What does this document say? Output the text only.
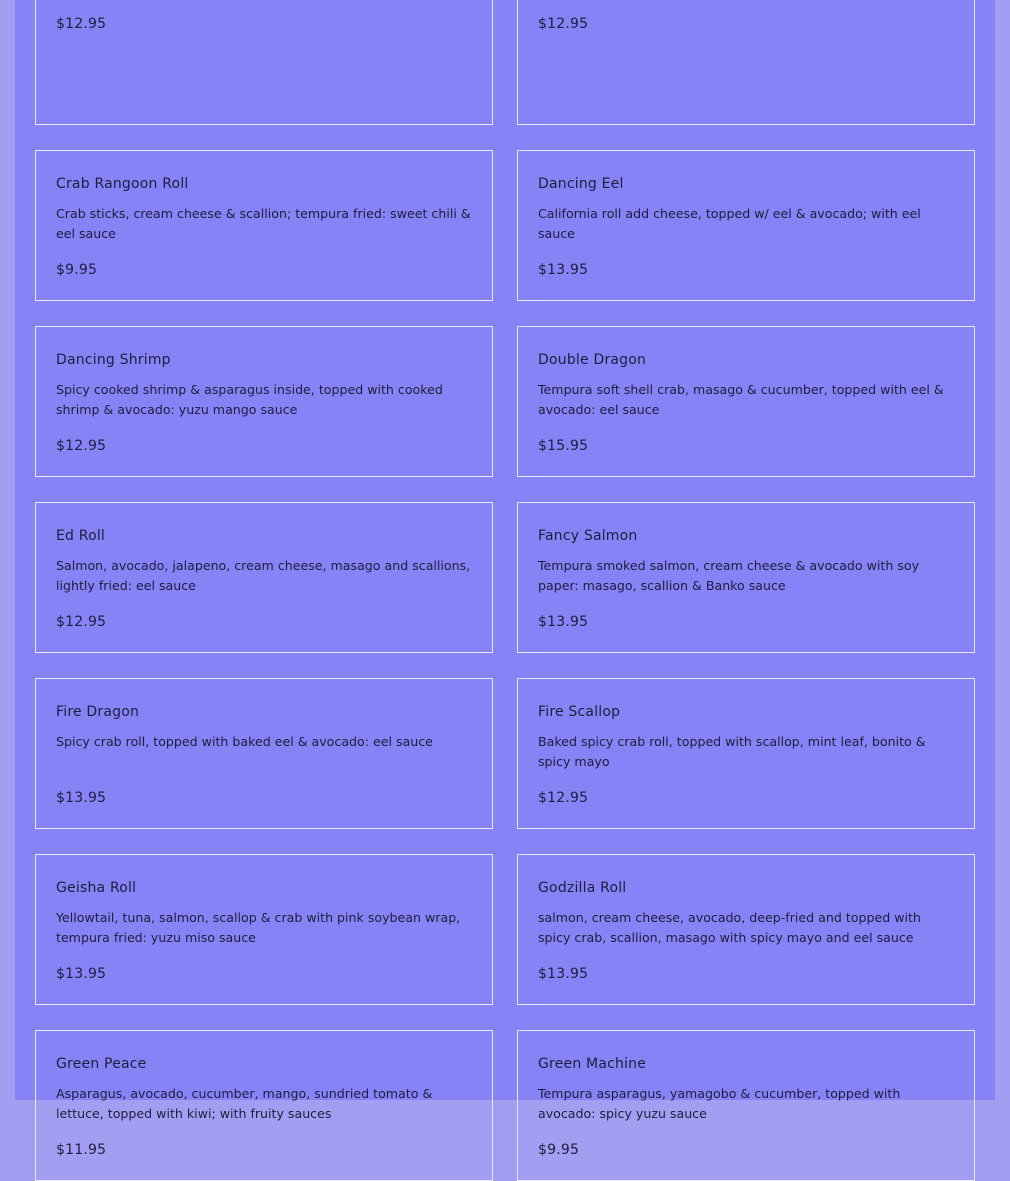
$12.95	$12.95
Crab Rangoon Roll
Crab sticks, cream cheese & scallion; tempura fried: sweet chili & eel sauce
$9.95
Dancing Eel
California roll add cheese, topped w/ eel & avocado; with eel sauce
$13.95
Dancing Shrimp
Spicy cooked shrimp & asparagus inside, topped with cooked shrimp & avocado: yuzu mango sauce
$12.95
Double Dragon
Tempura soft shell crab, masago & cucumber, topped with eel & avocado: eel sauce
$15.95
Ed Roll
Salmon, avocado, jalapeno, cream cheese, masago and scallions, lightly fried: eel sauce
$12.95
Fancy Salmon
Tempura smoked salmon, cream cheese & avocado with soy paper: masago, scallion & Banko sauce
$13.95
Fire Dragon
Spicy crab roll, topped with baked eel & avocado: eel sauce
$13.95
Fire Scallop
Baked spicy crab roll, topped with scallop, mint leaf, bonito & spicy mayo
$12.95
Geisha Roll
Yellowtail, tuna, salmon, scallop & crab with pink soybean wrap, tempura fried: yuzu miso sauce
$13.95
Godzilla Roll
salmon, cream cheese, avocado, deep-fried and topped with spicy crab, scallion, masago with spicy mayo and eel sauce
$13.95
Green Peace
Asparagus, avocado, cucumber, mango, sundried tomato & lettuce, topped with kiwi; with fruity sauces
$11.95
Green Machine
Tempura asparagus, yamagobo & cucumber, topped with avocado: spicy yuzu sauce
$9.95
